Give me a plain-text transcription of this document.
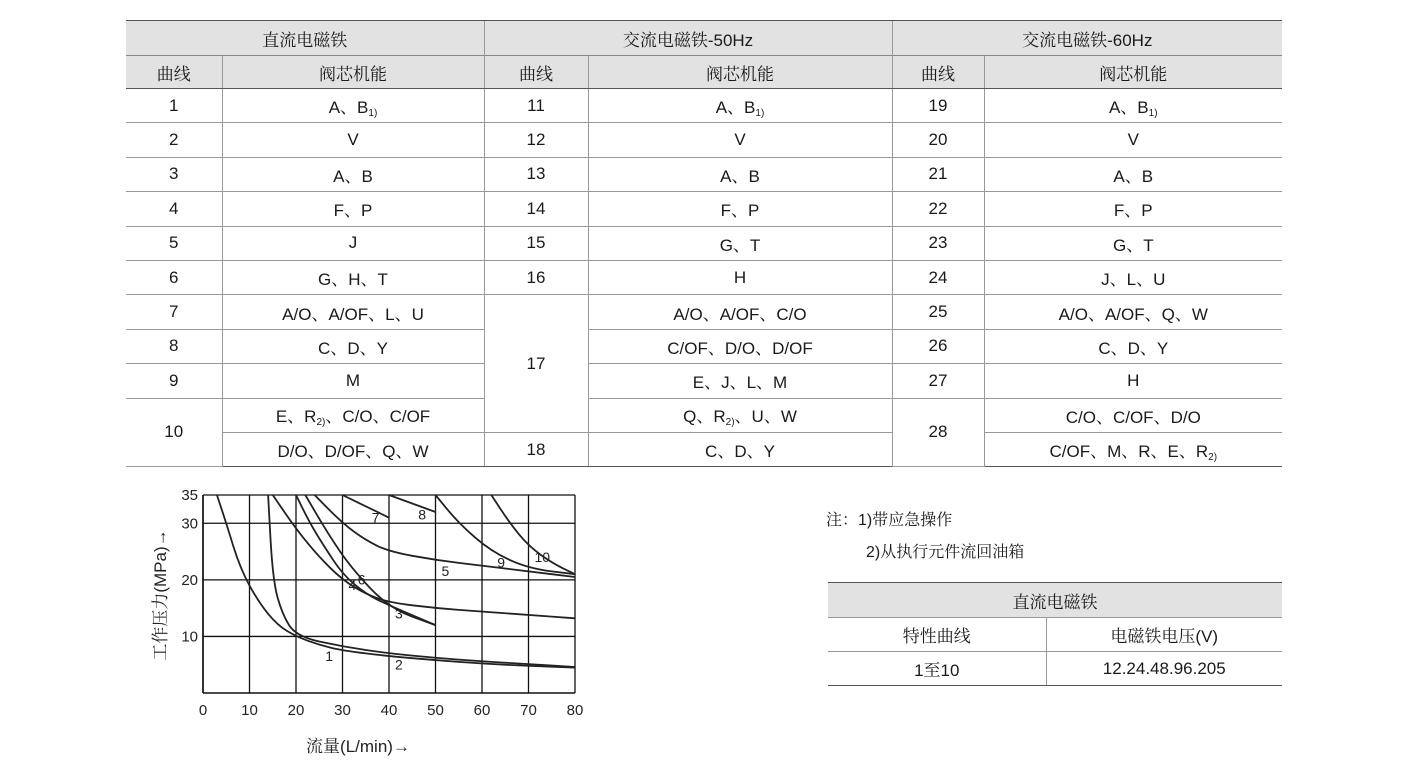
直流电磁铁		交流电磁铁-50Hz		交流电磁铁-60Hz	
曲线	阀芯机能	曲线	阀芯机能	曲线	阀芯机能
1	A、$B_{1)}$	11	A、$B_{1)}$	19	A、$B_{1)}$
2	V	12	V	20	V
3	A、B	13	A、B	21	A、B
4	F、P	14	F、P	22	F、P
5	J	15	G、T	23	G、T
6	G、H、T	16	H	24	J、L、U
7	A/O、A/OF、L、U	17	A/O、A/OF、C/O	25	A/O、A/OF、Q、W
8	C、D、Y		C/OF、D/O、D/OF	26	C、D、Y
9	M		E、J、L、M	27	H
10	E、$R_{2)}$、C/O、C/OF		Q、$R_{2)}$、U、W	28	C/O、C/OF、D/O
	D/O、D/OF、Q、W	18	C、D、Y		C/OF、M、R、E、$R_{2)}$
1
2
3
4
5
6
7	8
9 10
0 10 20 30 40 50 60 70 80
10
20
30
35
流量(L/min)→
工作压力(MPa)→
注：1)带应急操作
2)从执行元件流回油箱
直流电磁铁	
特性曲线	电磁铁电压(V)
1至10	12.24.48.96.205
